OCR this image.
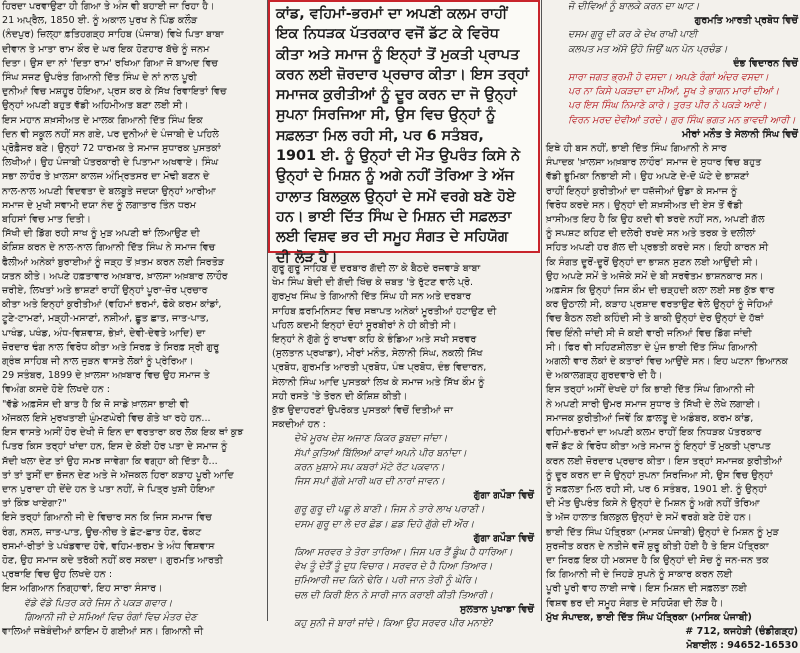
ਹਿਰਦਾ ਪਰਵਾਉਣਾ ਹੀ ਗਿਆ ਤੇ ਅੰਸ ਵੀ ਬਹਾਈ ਜਾ ਰਿਹਾ ਹੈ।

21 ਅਪ੍ਰੈਲ, 1850 ਈ. ਨੂੰ ਅਕਾਲ ਪੁਰਖ ਨੇ ਪਿੰਡ ਕਲੌੜ

(ਨੰਦਪੁਰ) ਜ਼ਿਲ੍ਹਾ ਫ਼ਤਿਹਗੜ੍ਹ ਸਾਹਿਬ (ਪੰਜਾਬ) ਵਿਖੇ ਪਿਤਾ ਬਾਬਾ

ਦੀਵਾਨ ਤੇ ਮਾਤਾ ਰਾਮ ਕੌਰ ਦੇ ਘਰ ਇਕ ਹੋਣਹਾਰ ਬੱਚੇ ਨੂੰ ਜਨਮ

ਦਿਤਾ। ਉਸ ਦਾ ਨਾਂ 'ਦਿਤਾ ਰਾਮ' ਰਖਿਆ ਗਿਆ ਜੋ ਬਾਅਦ ਵਿਚ

ਸਿੰਘ ਸਜਣ ਉਪਰੰਤ ਗਿਆਨੀ ਦਿੱਤ ਸਿੰਘ ਦੇ ਨਾਂ ਨਾਲ ਪੂਰੀ

ਦੁਨੀਆਂ ਵਿਚ ਮਸ਼ਹੂਰ ਹੋਇਆ, ਪ੍ਰਸ ਕਰ ਕੇ ਸਿੱਖ ਰਿਵਾਇਤਾਂ ਵਿਚ

ਉਨ੍ਹਾਂ ਅਪਣੀ ਬਹੁਤ ਵੱਡੀ ਅਹਿਮੀਅਤ ਬਣਾ ਲਈ ਸੀ।

ਇਸ ਮਹਾਨ ਸ਼ਖ਼ਸੀਅਤ ਦੇ ਮਾਲਕ ਗਿਆਨੀ ਦਿੱਤ ਸਿੰਘ ਇਕ

ਦਿਨ ਵੀ ਸਕੂਲ ਨਹੀਂ ਸਨ ਗਏ, ਪਰ ਦੁਨੀਆਂ ਦੇ ਪੰਜਾਬੀ ਦੇ ਪਹਿਲੇ

ਪ੍ਰੋਫ਼ੈਸਰ ਬਣੇ। ਉਨ੍ਹਾਂ 72 ਧਾਰਮਕ ਤੇ ਸਮਾਜ ਸੁਧਾਰਕ ਪੁਸਤਕਾਂ

ਲਿਖੀਆਂ। ਉਹ ਪੰਜਾਬੀ ਪੱਤਰਕਾਰੀ ਦੇ ਪਿਤਾਮਾ ਅਖਵਾਏ। ਸਿੰਘ

ਸਭਾ ਲਾਹੌਰ ਤੇ ਖ਼ਾਲਸਾ ਕਾਲਜ ਅੰਮ੍ਰਿਤਸਰ ਦਾ ਮੋਢੀ ਬਣਨ ਦੇ

ਨਾਲ-ਨਾਲ ਅਪਣੀ ਵਿਦਵਤਾ ਦੇ ਬਲਬੂਤੇ ਜਦਯਾ ਉਨ੍ਹਾਂ ਆਰੀਆ

ਸਮਾਜ ਦੇ ਮੁਖੀ ਸਵਾਮੀ ਦਯਾ ਨੰਦ ਨੂੰ ਲਗਾਤਾਰ ਤਿੰਨ ਧਰਮ

ਬਹਿਸਾਂ ਵਿਚ ਮਾਤ ਦਿਤੀ।

ਸਿੱਖੀ ਦੀ ਡਿੱਗ ਰਹੀ ਸਾਖ ਨੂੰ ਮੁੜ ਅਪਣੀ ਥਾਂ ਲਿਆਉਣ ਦੀ

ਕੋਸ਼ਿਸ਼ ਕਰਨ ਦੇ ਨਾਲ-ਨਾਲ ਗਿਆਨੀ ਦਿੱਤ ਸਿੰਘ ਨੇ ਸਮਾਜ ਵਿਚ

ਫੈਲੀਆਂ ਅਨੇਕਾਂ ਬੁਰਾਈਆਂ ਨੂੰ ਜੜ੍ਹ ਤੋਂ ਖ਼ਤਮ ਕਰਨ ਲਈ ਸਿਰਤੋੜ

ਯਤਨ ਕੀਤੇ। ਅਪਣੇ ਹਫ਼ਤਾਵਾਰ ਅਖ਼ਬਾਰ, ਖ਼ਾਲਸਾ ਅਖ਼ਬਾਰ ਲਾਹੌਰ

ਜ਼ਰੀਏ, ਲਿਖਤਾਂ ਅਤੇ ਭਾਸ਼ਣਾਂ ਰਾਹੀਂ ਉਨ੍ਹਾਂ ਪੂਰਾ-ਜ਼ੋਰ ਪ੍ਰਚਾਰ

ਕੀਤਾ ਅਤੇ ਇਨ੍ਹਾਂ ਕੁਰੀਤੀਆਂ (ਵਹਿਮਾਂ ਭਰਮਾਂ, ਫੋਕੇ ਕਰਮ ਕਾਂਡਾਂ,

ਟੂਣੇ-ਟਾਮਣਾਂ, ਮੜ੍ਹੀ-ਮਸਾਣਾਂ, ਨਸ਼ੀਆਂ, ਛੂਤ ਛਾਤ, ਜਾਤ-ਪਾਤ,

ਪਾਖੰਡ, ਪਖੰਡ, ਅੰਧ-ਵਿਸ਼ਵਾਸ਼, ਭੇਖ਼ਾਂ, ਦੇਵੀ-ਦੇਵਤੇ ਆਦਿ) ਦਾ

ਜ਼ੋਰਦਾਰ ਢੰਗ ਨਾਲ ਵਿਰੋਧ ਕੀਤਾ ਅਤੇ ਸਿਰਫ਼ ਤੇ ਸਿਰਫ਼ ਸ੍ਰੀ ਗੁਰੂ

ਗ੍ਰੰਥ ਸਾਹਿਬ ਜੀ ਨਾਲ ਜੁੜਨ ਵਾਸਤੇ ਲੋਕਾਂ ਨੂੰ ਪ੍ਰੇਰਿਆ।

29 ਸਤੰਬਰ, 1899 ਦੇ ਖ਼ਾਲਸਾ ਅਖ਼ਬਾਰ ਵਿਚ ਉਹ ਸਮਾਜ ਤੇ

ਵਿਅੰਗ ਕਸਦੇ ਹੋਏ ਲਿਖਦੇ ਹਨ :

"ਵੱਡੇ ਅਫ਼ਸੋਸ ਦੀ ਬਾਤ ਹੈ ਕਿ ਜੋ ਸਾਡੇ ਖ਼ਾਲਸਾ ਭਾਈ ਵੀ

ਅੱਜਕਲ ਇਸੇ ਮੁਰਖਤਾਈ ਘੁੰਮਣਘੇਰੀ ਵਿਚ ਗੋਤੇ ਖਾ ਰਹੇ ਹਨ...

ਇਸ ਵਾਸਤੇ ਅਸੀਂ ਹੋਰ ਦੇਖੀ ਜੋ ਇਨ ਦਾ ਵਰਤਾਰਾ ਕਰ ਲੋਕ ਇਕ ਥਾਂ ਕੁਝ

ਪਿਤਰ ਕਿਸ ਤਰ੍ਹਾਂ ਖਾਂਦਾ ਹਨ, ਇਸ ਦੇ ਕੋਈ ਹੋਰ ਪਤਾ ਦੇ ਸਮਾਜ ਨੂੰ

ਸੱਦੀ ਖਲਾ ਦੇਣ ਤਾਂ ਉਹ ਸਮਝ ਜਾਵੇਗਾ ਕਿ ਵਗ੍ਹਾ ਕੀ ਦਿੱਤਾ ਹੈ...

ਤਾਂ ਤਾਂ ਤੁਸੀਂ ਦਾ ਭੋਜਨ ਦੇਣ ਅਤੇ ਜੇ ਅੱਜਕਲ ਹਿਰਾ ਕੜਾਹ ਪੂਰੀ ਆਦਿ

ਦਾਨ ਪੁਰਾਦਾ ਹੀ ਦੇਂਦੇ ਹਨ ਤੇ ਪਤਾ ਨਹੀਂ, ਜੇ ਪਿਤ੍ਰ ਖੁਸ਼ੀ ਹੋਇਆ

ਤਾਂ ਕਿੰਝ ਖਾਏਗਾ?"

ਇਸੇ ਤਰ੍ਹਾਂ ਗਿਆਨੀ ਜੀ ਦੇ ਵਿਚਾਰ ਸਨ ਕਿ ਜਿਸ ਸਮਾਜ ਵਿਚ

ਰੰਗ, ਨਸਲ, ਜਾਤ-ਪਾਤ, ਊਚ-ਨੀਚ ਤੇ ਛੋਟ-ਛਾਤ ਹੋਣ, ਫੋਕਟ

ਰਸਮਾਂ-ਰੀਤਾਂ ਤੇ ਪਖੰਡਵਾਦ ਹੋਵੇ, ਵਹਿਮ-ਭਰਮ ਤੇ ਅੰਧ ਵਿਸ਼ਵਾਸ

ਹੋਣ, ਉਹ ਸਮਾਜ ਕਦੇ ਤਰੱਕੀ ਨਹੀਂ ਕਰ ਸਕਦਾ। ਗੁਰਮਤਿ ਆਰਤੀ

ਪ੍ਰਥਾਇ ਵਿਚ ਉਹ ਲਿਖਦੇ ਹਨ :

ਇਸ ਅਗਿਆਨ ਨਿਗ੍ਹਾਵਾਂ, ਇਹ ਸਾਰਾ ਸੰਸਾਰ।

ਵੱਡੇ ਵੱਡੇ ਪਿਤਰ ਕਰੇ ਜਿਸ ਨੇ ਪਕੜ ਗਵਾਰ।

ਗਿਆਨੀ ਜੀ ਦੇ ਸਮਿਆਂ ਵਿਚ ਰੰਗਾਂ ਵਿਚ ਮੰਤਰ ਦੇਣ

ਵਾਲਿਆਂ ਜਥੇਬੰਦੀਆਂ ਕਾਇਮ ਹੋ ਗਈਆਂ ਸਨ। ਗਿਆਨੀ ਜੀ

ਕਾਂਡ, ਵਹਿਮਾਂ-ਭਰਮਾਂ ਦਾ ਅਪਣੀ ਕਲਮ ਰਾਹੀਂ
ਇਕ ਨਿਧੜਕ ਪੱਤਰਕਾਰ ਵਜੋਂ ਡੱਟ ਕੇ ਵਿਰੋਧ
ਕੀਤਾ ਅਤੇ ਸਮਾਜ ਨੂੰ ਇਨ੍ਹਾਂ ਤੋਂ ਮੁਕਤੀ ਪ੍ਰਾਪਤ
ਕਰਨ ਲਈ ਜ਼ੋਰਦਾਰ ਪ੍ਰਚਾਰ ਕੀਤਾ। ਇਸ ਤਰ੍ਹਾਂ
ਸਮਾਜਕ ਕੁਰੀਤੀਆਂ ਨੂੰ ਦੂਰ ਕਰਨ ਦਾ ਜੋ ਉਨ੍ਹਾਂ
ਸੁਪਨਾ ਸਿਰਜਿਆ ਸੀ, ਉਸ ਵਿਚ ਉਨ੍ਹਾਂ ਨੂੰ
ਸਫ਼ਲਤਾ ਮਿਲ ਰਹੀ ਸੀ, ਪਰ 6 ਸਤੰਬਰ,
1901 ਈ. ਨੂੰ ਉਨ੍ਹਾਂ ਦੀ ਮੌਤ ਉਪਰੰਤ ਕਿਸੇ ਨੇ
ਉਨ੍ਹਾਂ ਦੇ ਮਿਸ਼ਨ ਨੂੰ ਅਗੇ ਨਹੀਂ ਤੋਰਿਆ ਤੇ ਅੱਜ
ਹਾਲਾਤ ਬਿਲਕੁਲ ਉਨ੍ਹਾਂ ਦੇ ਸਮੇਂ ਵਰਗੇ ਬਣੇ ਹੋਏ
ਹਨ। ਭਾਈ ਦਿੱਤ ਸਿੰਘ ਦੇ ਮਿਸ਼ਨ ਦੀ ਸਫ਼ਲਤਾ
ਲਈ ਵਿਸ਼ਵ ਭਰ ਦੀ ਸਮੂਹ ਸੰਗਤ ਦੇ ਸਹਿਯੋਗ
ਦੀ ਲੋੜ ਹੈ।

ਗੁਰੂ ਗੁਰੂ ਸਾਹਿਬ ਦੇ ਦਰਬਾਰ ਗੱਦੀ ਲਾ ਕੇ ਬੈਠਦੇ ਰਜਵਾੜੇ ਬਾਬਾ

ਖੇਮ ਸਿੰਘ ਬੇਦੀ ਦੀ ਗੱਦੀ ਖਿੱਚ ਕੇ ਜ਼ਬਤ 'ਤੇ ਰੁੱਟਣ ਵਾਲੇ ਪ੍ਰੋ.

ਗੁਰਮੁਖ ਸਿੰਘ ਤੇ ਗਿਆਨੀ ਦਿੱਤ ਸਿੰਘ ਹੀ ਸਨ ਅਤੇ ਦਰਬਾਰ

ਸਾਹਿਬ ਫ਼ਰਮਿਨਿਸਟ ਵਿਚ ਸਥਾਪਤ ਅਨੇਕਾਂ ਮੂਰਤੀਆਂ ਹਟਾਉਣ ਦੀ

ਪਹਿਲ ਕਦਮੀ ਇਨ੍ਹਾਂ ਦੋਹਾਂ ਸੂਰਬੀਰਾਂ ਨੇ ਹੀ ਕੀਤੀ ਸੀ।

ਇਨ੍ਹਾਂ ਨੇ ਗੁੱਗੇ ਨੂੰ ਰਾਖਵਾ ਕਹਿ ਕੇ ਭੰਡਿਆ ਅਤੇ ਸਖੀ ਸਰਵਰ

(ਸੁਲਤਾਨ ਪ੍ਰਖਾਡਾ), ਮੀਰਾਂ ਮਨੌਤ, ਸੇਲਾਨੀ ਸਿੰਘ, ਨਕਲੀ ਸਿੱਖ

ਪ੍ਰਬੋਧ, ਗੁਰਮਤਿ ਆਰਤੀ ਪ੍ਰਬੋਧ, ਪੰਥ ਪ੍ਰਬੋਧ, ਦੰਭ ਵਿਦਾਰਨ,

ਸੇਲਾਨੀ ਸਿੰਘ ਆਦਿ ਪੁਸਤਕਾਂ ਲਿਖ ਕੇ ਸਮਾਜ ਅਤੇ ਸਿੱਖ ਕੌਮ ਨੂੰ

ਸਹੀ ਰਸਤੇ 'ਤੇ ਤੋਰਨ ਦੀ ਕੋਸ਼ਿਸ਼ ਕੀਤੀ।

ਕੁੱਝ ਉਦਾਹਰਣਾਂ ਉਪਰੋਕਤ ਪੁਸਤਕਾਂ ਵਿਚੋਂ ਦਿਤੀਆਂ ਜਾ

ਸਕਦੀਆਂ ਹਨ :

ਦੇਖੋ ਮੂਰਖ ਦੇਸ਼ ਅਜਾਣ ਕਿਕਰ ਡੁਬਦਾ ਜਾਂਦਾ।

ਸੱਪਾਂ ਕੁਤਿਆਂ ਬਿੱਲਿਆਂ ਕਾਵਾਂ ਅਪਨੇ ਪੀਰ ਬਨਾਂਦਾ।

ਕਰਨ ਖ਼ੁਸ਼ਾਮੇ ਸਪ ਕਬਰਾਂ ਮੱਟੇ ਰੱਟ ਪਕਵਾਨ।

ਜਿਸ ਸਪਾਂ ਗੁੱਗੇ ਮਾਰੀ ਘਰ ਦੀ ਨਾਰਾਂ ਜਾਵਨ।

ਗੁੱਗਾ ਗਪੌੜਾ ਵਿਚੋਂ

ਗੁਰੂ ਗੁਰੂ ਦੀ ਪਛੂ ਲੇ ਬਾਣੀ। ਜਿਸ ਨੇ ਤਾਰੇ ਲਾਖ ਪਰਾਣੀ।

ਦਸਮ ਗੁਰੂ ਦਾ ਲੇ ਦਰ ਛੋਡ। ਛਡ ਦਿਹੋ ਗੁੱਗੇ ਦੀ ਔਰ।

ਗੁੱਗਾ ਗਪੌੜਾ ਵਿਚੋਂ

ਕਿਆ ਸਰਵਰ ਤੇ ਤੋਰਾ ਤਾਰਿਆ। ਜਿਸ ਪਰ ਤੈਂ ਡੂੰਘ ਹੈ ਧਾਰਿਆ।

ਵੇਖ ਤੂੰ ਦੇਤੈਂ ਤੂੰ ਦੁਧ ਵਿਚਾਰ। ਸਰਵਰ ਦੇ ਹੈ ਹਿਆ ਤਿਆਰ।

ਜੁਮਿਆਰੀ ਜਦ ਕਿਨੇ ਢੇਰਿ। ਪਰੀ ਜਾਨ ਤੇਰੀ ਨੂੰ ਘੇਰਿ।

ਚਲ ਦੀ ਕਿਰੀ ਇਨ ਨੇ ਸਾਰੀ ਜਾਨ ਕਰਾਈ ਕੀਤੀ ਤਿਆਰੀ।

ਸੁਲਤਾਨ ਪੁਖਾਡਾ ਵਿਚੋਂ

ਕਹੁ ਸੁਨੀ ਜੋ ਬਾਰਾਂ ਜਾਂਦੇ। ਕਿਆ ਉਹ ਸਰਵਰ ਪੀਰ ਮਨਾਏ?

ਜੋ ਦੀਵਿਆਂ ਨੂੰ ਬਾਲਕੇ ਕਰਨ ਦਾ ਘਾਟ।

ਗੁਰਮਤਿ ਆਰਤੀ ਪ੍ਰਬੋਧ ਵਿਚੋਂ

ਦਸਮ ਗੁਰੂ ਦੀ ਕਰ ਕੇ ਦੇਖ ਰਾਖੀ ਪਾਈ

ਕਲਪਤ ਮਤ ਅੱਸੋ ਉਹੋ ਜਿਉਂ ਘਨ ਪੋਨ ਪ੍ਰਚੰਡ।

ਦੰਭ ਵਿਦਾਰਨ ਵਿਚੋਂ

ਸਾਰਾ ਜਗਤ ਭ੍ਰਮੀ ਹੋ ਵਸਦਾ। ਅਪਣੇ ਰੰਗਾਂ ਅੰਦਰ ਵਸਦਾ।

ਪਰ ਨਾ ਕਿਸੇ ਪਕੜਦਾ ਦਾ ਮੀਆਂ, ਸੂਖ ਤੇ ਭਾਗਨ ਮਾਰਾਂ ਦੀਆਂ।

ਪਰ ਇਸ ਸਿੰਘ ਨਿਮਾਣੇ ਕਾਰੇ। ਤੁਰਤ ਪੀਰ ਨੇ ਪਕੜੇ ਆਏ।

ਵਿਰਨ ਮਰਦ ਦੇਵੀਆਂ ਤਰਦੇ। ਗੁਰ ਸਿੰਘ ਭਗਤ ਮਨ ਭਾਵਦੀ ਆਰੀ।

ਮੀਰਾਂ ਮਨੌਤ ਤੇ ਸੇਲਾਨੀ ਸਿੰਘ ਵਿਚੋਂ

ਇਥੇ ਹੀ ਬਸ ਨਹੀਂ, ਭਾਈ ਦਿੱਤ ਸਿੰਘ ਗਿਆਨੀ ਨੇ ਸਾਰ

ਸੰਪਾਦਕ 'ਖ਼ਾਲਸਾ ਅਖ਼ਬਾਰ ਲਾਹੌਰ' ਸਮਾਜ ਦੇ ਸੁਧਾਰ ਵਿਚ ਬਹੁਤ

ਵੱਡੀ ਭੂਮਿਕਾ ਨਿਭਾਈ ਸੀ। ਉਹ ਅਪਣੇ ਦੇ-ਦੋ ਘੱਟੇ ਦੇ ਭਾਸ਼ਣਾਂ

ਰਾਹੀਂ ਇਨ੍ਹਾਂ ਕੁਰੀਤੀਆਂ ਦਾ ਧਜ਼ੱਜੀਆਂ ਉਡਾ ਕੇ ਸਮਾਜ ਨੂੰ

ਵਿਰੋਧ ਕਰਦੇ ਸਨ। ਉਨ੍ਹਾਂ ਦੀ ਸ਼ਖ਼ਸੀਅਤ ਦੀ ਏਸ ਤੋਂ ਵੱਡੀ

ਖ਼ਾਸੀਅਤ ਇਹ ਹੈ ਕਿ ਉਹ ਕਦੀ ਵੀ ਝਰਦੇ ਨਹੀਂ ਸਨ, ਅਪਣੀ ਗੱਲ

ਨੂੰ ਸਪਸ਼ਟ ਕਹਿਣ ਦੀ ਦਲੇਰੀ ਰਖਦੇ ਸਨ ਅਤੇ ਤਰਕ ਤੇ ਦਲੀਲਾਂ

ਸਹਿਤ ਅਪਣੀ ਹਰ ਗੱਲ ਦੀ ਪ੍ਰਭਤੀ ਕਰਦੇ ਸਨ। ਇਹੀ ਕਾਰਨ ਸੀ

ਕਿ ਸੰਗਤ ਦੂਰੋਂ-ਦੂਰੋਂ ਉਨ੍ਹਾਂ ਦਾ ਭਾਸ਼ਨ ਸੁਣਨ ਲਈ ਆਉਂਦੀ ਸੀ।

ਉਹ ਅਪਣੇ ਸਮੇਂ ਤੇ ਅਜੋਕੇ ਸਮੇਂ ਦੇ ਬੀ ਸਰਵੋਤਮ ਭਾਸ਼ਨਕਾਰ ਸਨ।

ਅਫ਼ਸੋਸ ਕਿ ਉਨ੍ਹਾਂ ਜਿਸ ਕੌਮ ਦੀ ਚੜ੍ਹਦੀ ਕਲਾ ਲਈ ਸਭ ਕੁੱਝ ਵਾਰ

ਕਰ ਉਠਾਲੀ ਸੀ, ਕੜਾਹ ਪ੍ਰਸ਼ਾਦ ਵਰਤਾਉਣ ਵੇਲੇ ਉਨ੍ਹਾਂ ਨੂੰ ਜੇਹਿਆਂ

ਵਿਚ ਬੈਠਨ ਲਈ ਕਹਿੰਦੀ ਸੀ ਤੇ ਬਾਕੀ ਉਨ੍ਹਾਂ ਦੇਰ ਉਨ੍ਹਾਂ ਦੇ ਹੱਥਾਂ

ਵਿਚ ਇੰਨੀ ਜਾਂਦੀ ਸੀ ਜੋ ਕਈ ਵਾਰੀ ਜਨਿਆਂ ਵਿਚ ਡਿੱਗ ਜਾਂਦੀ

ਸੀ। ਫਿਰ ਵੀ ਸਹਿਣਸ਼ੀਲਤਾ ਦੇ ਪੁੰਜ ਭਾਈ ਦਿੱਤ ਸਿੰਘ ਗਿਆਨੀ

ਅਗਲੀ ਵਾਰ ਲੋਕਾਂ ਦੇ ਕਤਾਰਾਂ ਵਿਚ ਆਉਂਦੇ ਸਨ। ਇਹ ਘਟਨਾ ਭਿਆਨਕ

ਦੇ ਅਕਾਲਗੜ੍ਹ ਗੁਰਦਵਾਰੇ ਦੀ ਹੈ।

ਇਸ ਤਰ੍ਹਾਂ ਅਸੀਂ ਦੇਖਦੇ ਹਾਂ ਕਿ ਭਾਈ ਦਿੱਤ ਸਿੰਘ ਗਿਆਨੀ ਜੀ

ਨੇ ਅਪਣੀ ਸਾਰੀ ਉਮਰ ਸਮਾਜ ਸੁਧਾਰ ਤੇ ਸਿੱਖੀ ਦੇ ਲੇਖੇ ਲਗਾਈ।

ਸਮਾਜਕ ਕੁਰੀਤੀਆਂ ਜਿਵੇਂ ਕਿ ਫ਼ਾਲਤੂ ਦੇ ਅਡੰਬਰ, ਕਰਮ ਕਾਂਡ,

ਵਹਿਮਾਂ-ਭਰਮਾਂ ਦਾ ਅਪਣੀ ਕਲਮ ਰਾਹੀਂ ਇਕ ਨਿਧੜਕ ਪੱਤਰਕਾਰ

ਵਜੋਂ ਡੱਟ ਕੇ ਵਿਰੋਧ ਕੀਤਾ ਅਤੇ ਸਮਾਜ ਨੂੰ ਇਨ੍ਹਾਂ ਤੋਂ ਮੁਕਤੀ ਪ੍ਰਾਪਤ

ਕਰਨ ਲਈ ਜ਼ੋਰਦਾਰ ਪ੍ਰਚਾਰ ਕੀਤਾ। ਇਸ ਤਰ੍ਹਾਂ ਸਮਾਜਕ ਕੁਰੀਤੀਆਂ

ਨੂੰ ਦੂਰ ਕਰਨ ਦਾ ਜੋ ਉਨ੍ਹਾਂ ਸੁਪਨਾ ਸਿਰਜਿਆ ਸੀ, ਉਸ ਵਿਚ ਉਨ੍ਹਾਂ

ਨੂੰ ਸਫ਼ਲਤਾ ਮਿਲ ਰਹੀ ਸੀ, ਪਰ 6 ਸਤੰਬਰ, 1901 ਈ. ਨੂੰ ਉਨ੍ਹਾਂ

ਦੀ ਮੌਤ ਉਪਰੰਤ ਕਿਸੇ ਨੇ ਉਨ੍ਹਾਂ ਦੇ ਮਿਸ਼ਨ ਨੂੰ ਅਗੇ ਨਹੀਂ ਤੋਰਿਆ

ਤੇ ਅੱਜ ਹਾਲਾਤ ਬਿਲਕੁਲ ਉਨ੍ਹਾਂ ਦੇ ਸਮੇਂ ਵਰਗੇ ਬਣੇ ਹੋਏ ਹਨ।

ਭਾਈ ਦਿੱਤ ਸਿੰਘ ਪੱਤ੍ਰਿਕਾ (ਮਾਸਕ ਪੰਜਾਬੀ) ਉਨ੍ਹਾਂ ਦੇ ਮਿਸ਼ਨ ਨੂੰ ਮੁੜ

ਸੁਰਜੀਤ ਕਰਨ ਦੇ ਨਤੀਜੇ ਵਜੋਂ ਸ਼ੁਰੂ ਕੀਤੀ ਹੋਈ ਹੈ ਤੇ ਇਸ ਪੱਤ੍ਰਿਕਾ

ਦਾ ਸਿਰਫ਼ ਇਕ ਹੀ ਮਕਸਦ ਹੈ ਕਿ ਉਨ੍ਹਾਂ ਦੀ ਸੋਚ ਨੂੰ ਜਨ-ਜਨ ਤਕ

ਕਿ ਗਿਆਨੀ ਜੀ ਦੇ ਜਿਹੜੇ ਸੁਪਨੇ ਨੂੰ ਸਾਕਾਰ ਕਰਨ ਲਈ

ਪੂਰੀ ਪੂਰੀ ਵਾਹ ਲਾਈ ਜਾਵੇ। ਇਸ ਮਿਸ਼ਨ ਦੀ ਸਫ਼ਲਤਾ ਲਈ

ਵਿਸ਼ਵ ਭਰ ਦੀ ਸਮੂਹ ਸੰਗਤ ਦੇ ਸਹਿਯੋਗ ਦੀ ਲੋੜ ਹੈ।

ਮੁੱਖ ਸੰਪਾਦਕ, ਭਾਈ ਦਿੱਤ ਸਿੰਘ ਪੱਤ੍ਰਿਕਾ (ਮਾਸਿਕ ਪੰਜਾਬੀ)

# 712, ਕਜਹੇੜੀ (ਚੰਡੀਗੜ੍ਹ)

ਮੋਬਾਈਲ : 94652-16530
